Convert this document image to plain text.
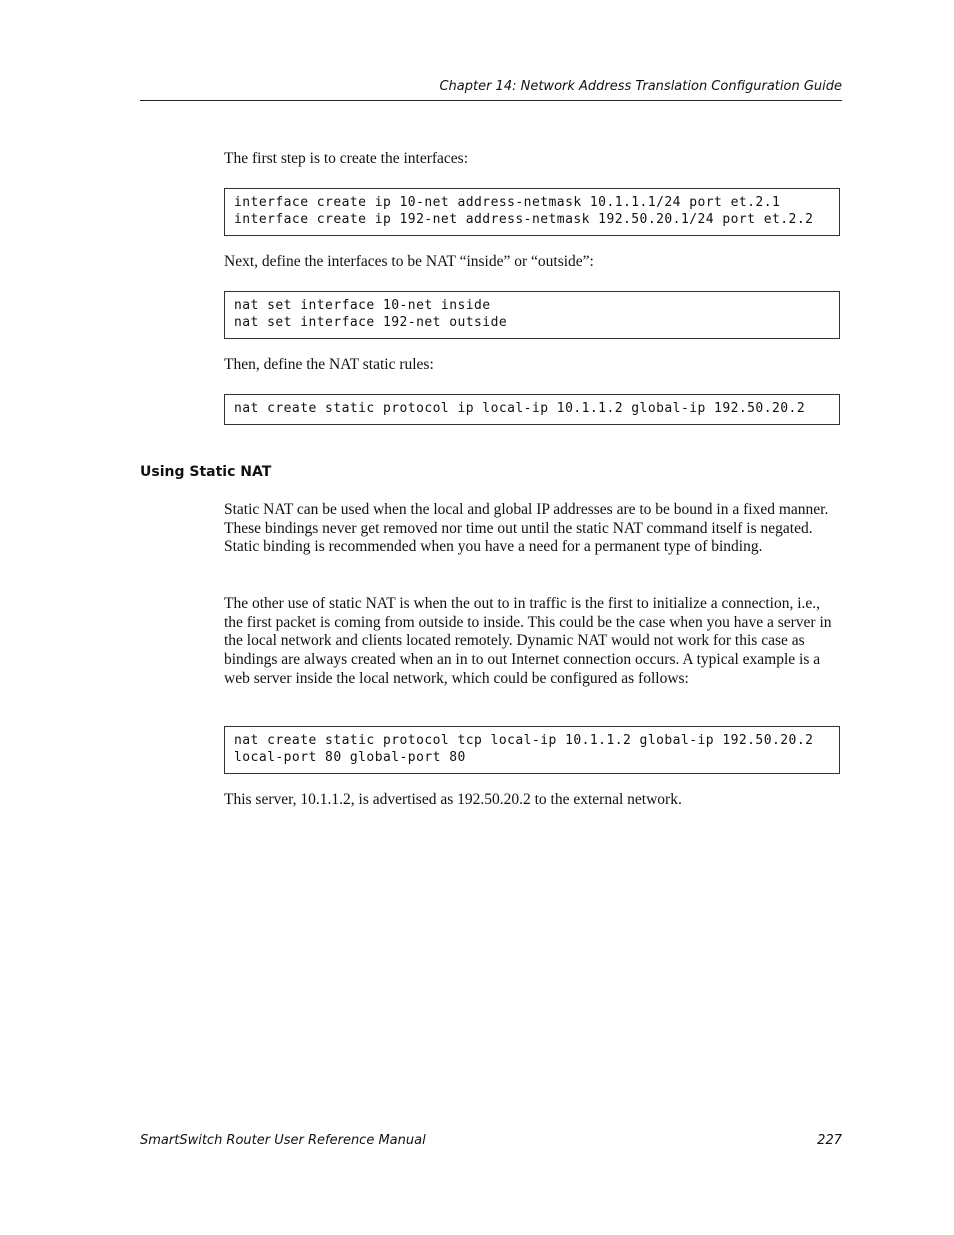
Chapter 14: Network Address Translation Configuration Guide

The first step is to create the interfaces:

interface create ip 10-net address-netmask 10.1.1.1/24 port et.2.1
interface create ip 192-net address-netmask 192.50.20.1/24 port et.2.2

Next, define the interfaces to be NAT “inside” or “outside”:

nat set interface 10-net inside
nat set interface 192-net outside

Then, define the NAT static rules:

nat create static protocol ip local-ip 10.1.1.2 global-ip 192.50.20.2
Using Static NAT

Static NAT can be used when the local and global IP addresses are to be bound in a fixed manner. These bindings never get removed nor time out until the static NAT command itself is negated. Static binding is recommended when you have a need for a permanent type of binding.

The other use of static NAT is when the out to in traffic is the first to initialize a connection, i.e., the first packet is coming from outside to inside. This could be the case when you have a server in the local network and clients located remotely. Dynamic NAT would not work for this case as bindings are always created when an in to out Internet connection occurs. A typical example is a web server inside the local network, which could be configured as follows:

nat create static protocol tcp local-ip 10.1.1.2 global-ip 192.50.20.2
local-port 80 global-port 80

This server, 10.1.1.2, is advertised as 192.50.20.2 to the external network.

SmartSwitch Router User Reference Manual	227
